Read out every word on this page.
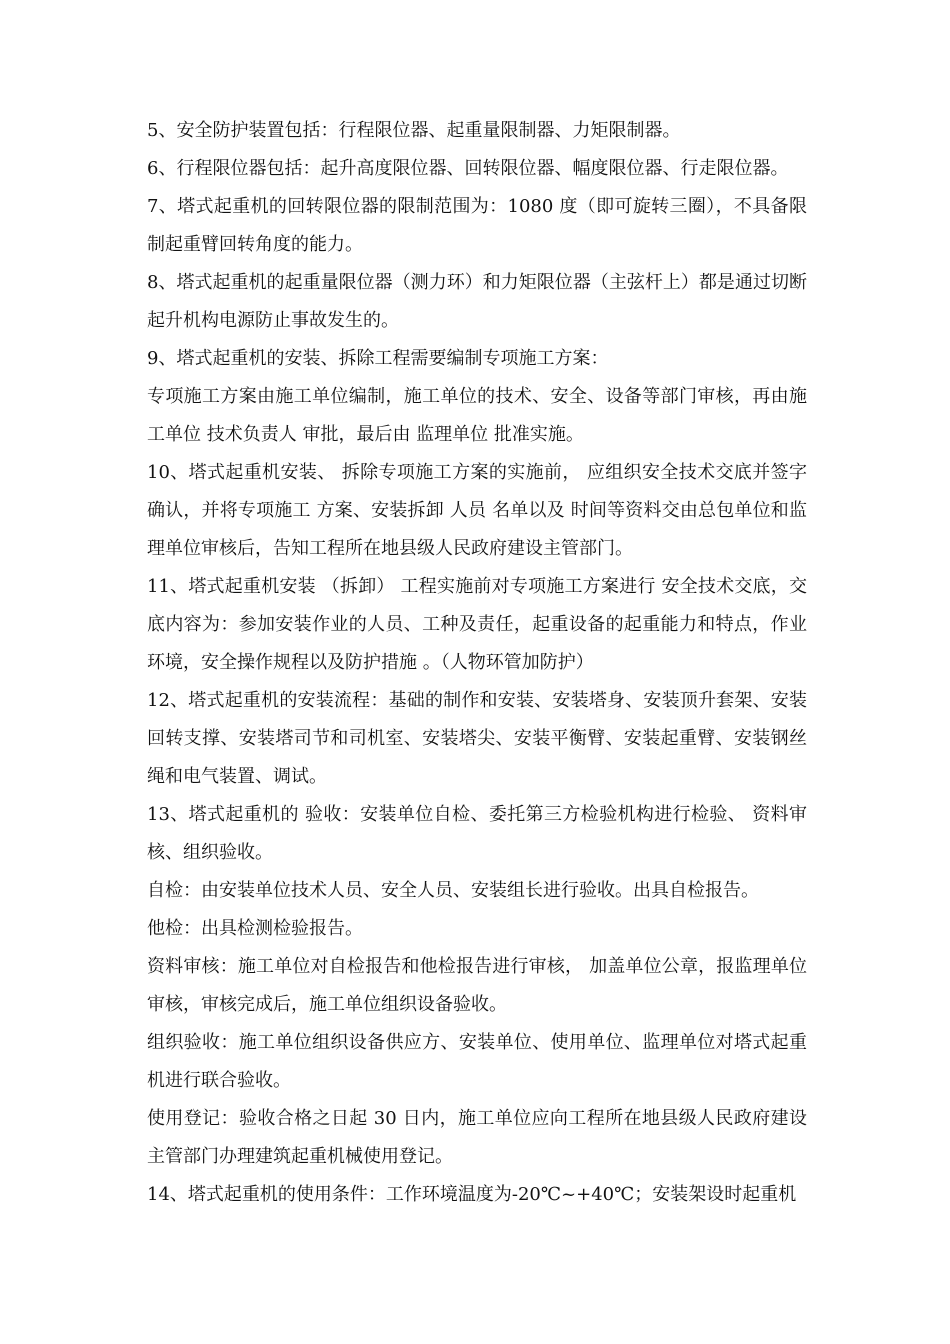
5、安全防护装置包括：行程限位器、起重量限制器、力矩限制器。

6、行程限位器包括：起升高度限位器、回转限位器、幅度限位器、行走限位器。

7、塔式起重机的回转限位器的限制范围为：1080 度（即可旋转三圈），不具备限制起重臂回转角度的能力。

8、塔式起重机的起重量限位器（测力环）和力矩限位器（主弦杆上）都是通过切断起升机构电源防止事故发生的。

9、塔式起重机的安装、拆除工程需要编制专项施工方案：

专项施工方案由施工单位编制，施工单位的技术、安全、设备等部门审核，再由施工单位 技术负责人 审批，最后由 监理单位 批准实施。

10、塔式起重机安装、 拆除专项施工方案的实施前， 应组织安全技术交底并签字确认，并将专项施工 方案、安装拆卸 人员 名单以及 时间等资料交由总包单位和监理单位审核后，告知工程所在地县级人民政府建设主管部门。

11、塔式起重机安装 （拆卸） 工程实施前对专项施工方案进行 安全技术交底，交底内容为：参加安装作业的人员、工种及责任，起重设备的起重能力和特点，作业环境，安全操作规程以及防护措施 。（人物环管加防护）

12、塔式起重机的安装流程：基础的制作和安装、安装塔身、安装顶升套架、安装回转支撑、安装塔司节和司机室、安装塔尖、安装平衡臂、安装起重臂、安装钢丝绳和电气装置、调试。

13、塔式起重机的 验收：安装单位自检、委托第三方检验机构进行检验、 资料审核、组织验收。

自检：由安装单位技术人员、安全人员、安装组长进行验收。出具自检报告。

他检：出具检测检验报告。

资料审核：施工单位对自检报告和他检报告进行审核， 加盖单位公章，报监理单位审核，审核完成后，施工单位组织设备验收。

组织验收：施工单位组织设备供应方、安装单位、使用单位、监理单位对塔式起重机进行联合验收。

使用登记：验收合格之日起 30 日内，施工单位应向工程所在地县级人民政府建设主管部门办理建筑起重机械使用登记。

14、塔式起重机的使用条件：工作环境温度为-20℃~+40℃；安装架设时起重机
